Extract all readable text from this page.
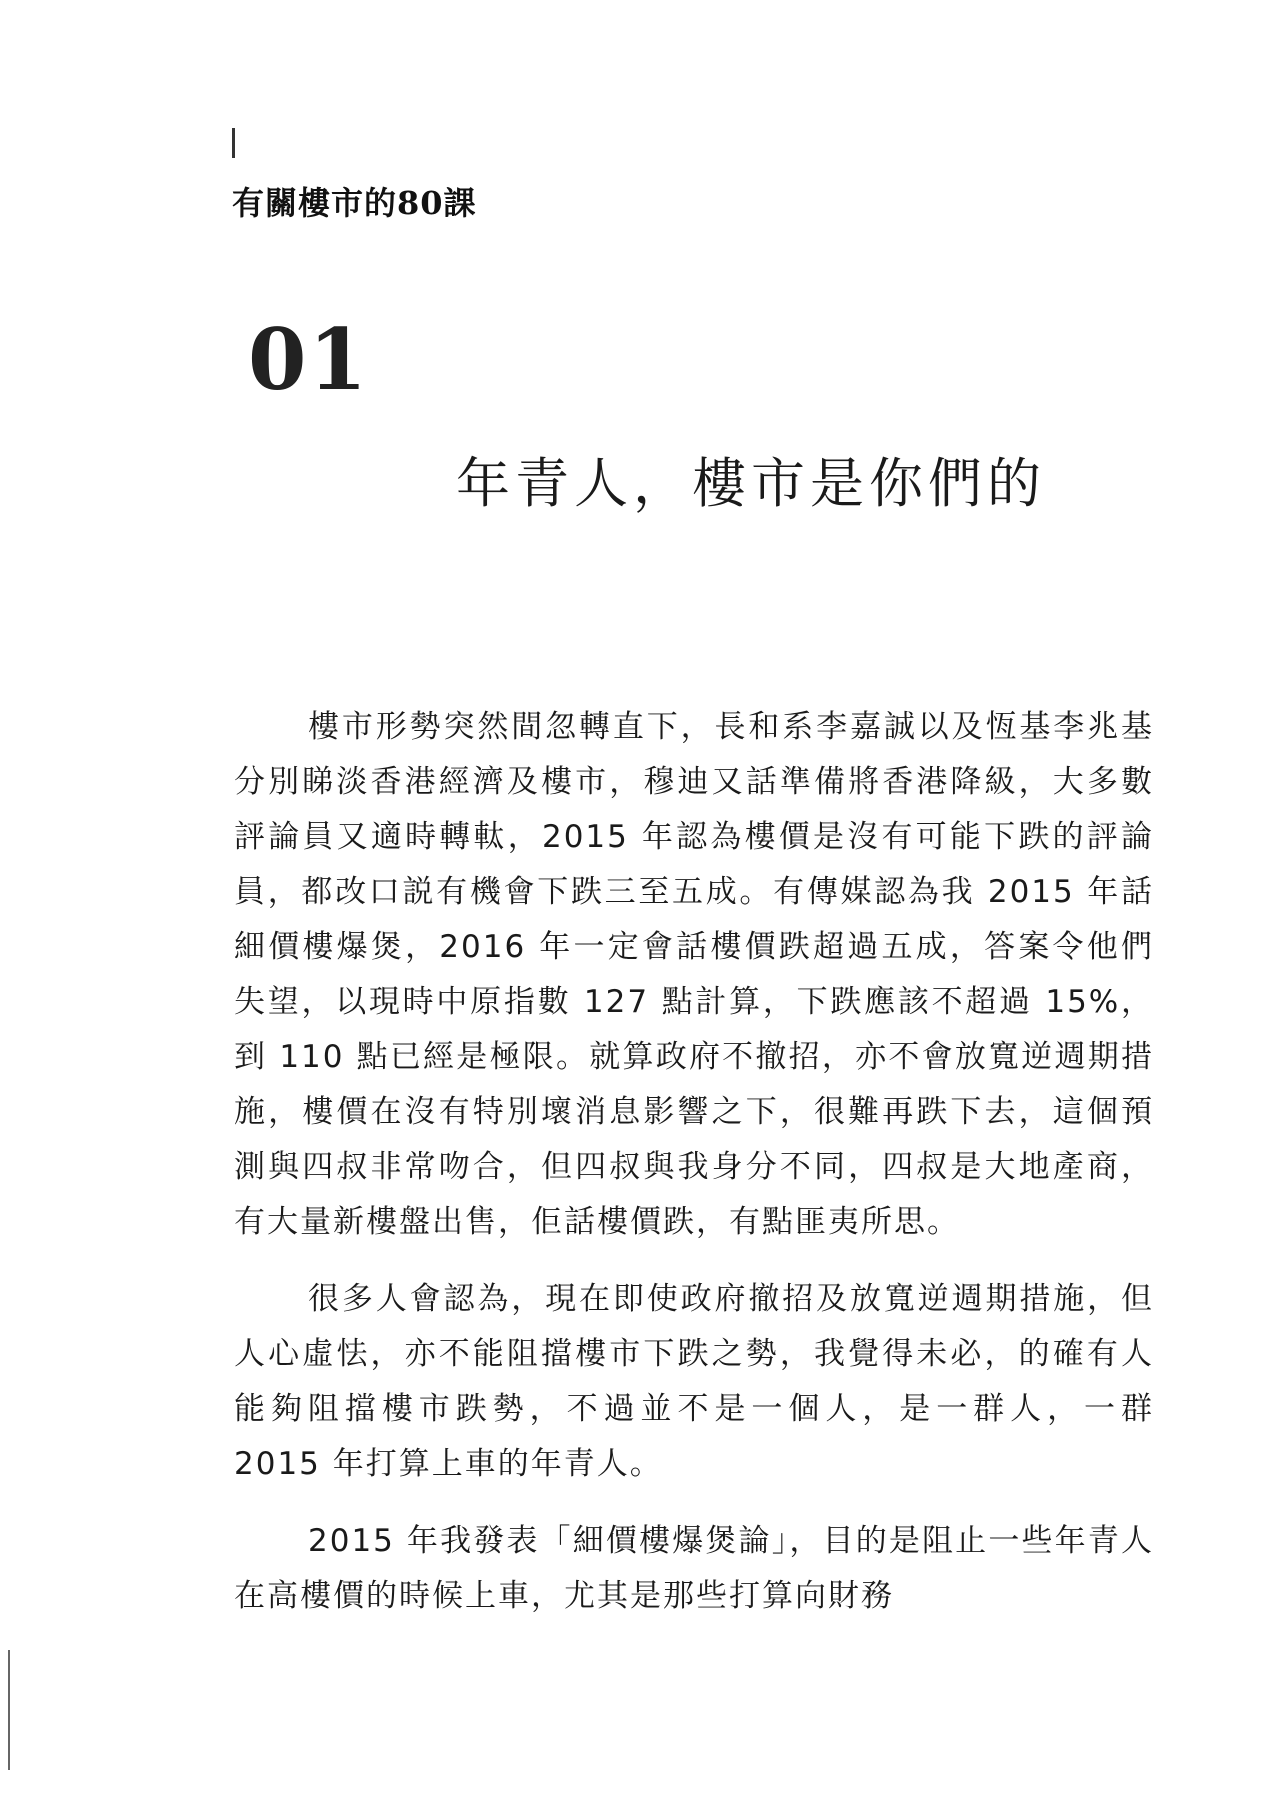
有關樓市的80課
01
年青人，樓市是你們的

樓市形勢突然間忽轉直下，長和系李嘉誠以及恆基李兆基分別睇淡香港經濟及樓市，穆迪又話準備將香港降級，大多數評論員又適時轉軚，2015 年認為樓價是沒有可能下跌的評論員，都改口説有機會下跌三至五成。有傳媒認為我 2015 年話細價樓爆煲，2016 年一定會話樓價跌超過五成，答案令他們失望，以現時中原指數 127 點計算，下跌應該不超過 15%，到 110 點已經是極限。就算政府不撤招，亦不會放寬逆週期措施，樓價在沒有特別壞消息影響之下，很難再跌下去，這個預測與四叔非常吻合，但四叔與我身分不同，四叔是大地產商，有大量新樓盤出售，佢話樓價跌，有點匪夷所思。

很多人會認為，現在即使政府撤招及放寬逆週期措施，但人心虛怯，亦不能阻擋樓市下跌之勢，我覺得未必，的確有人能夠阻擋樓市跌勢，不過並不是一個人，是一群人，一群 2015 年打算上車的年青人。

2015 年我發表「細價樓爆煲論」，目的是阻止一些年青人在高樓價的時候上車，尤其是那些打算向財務
